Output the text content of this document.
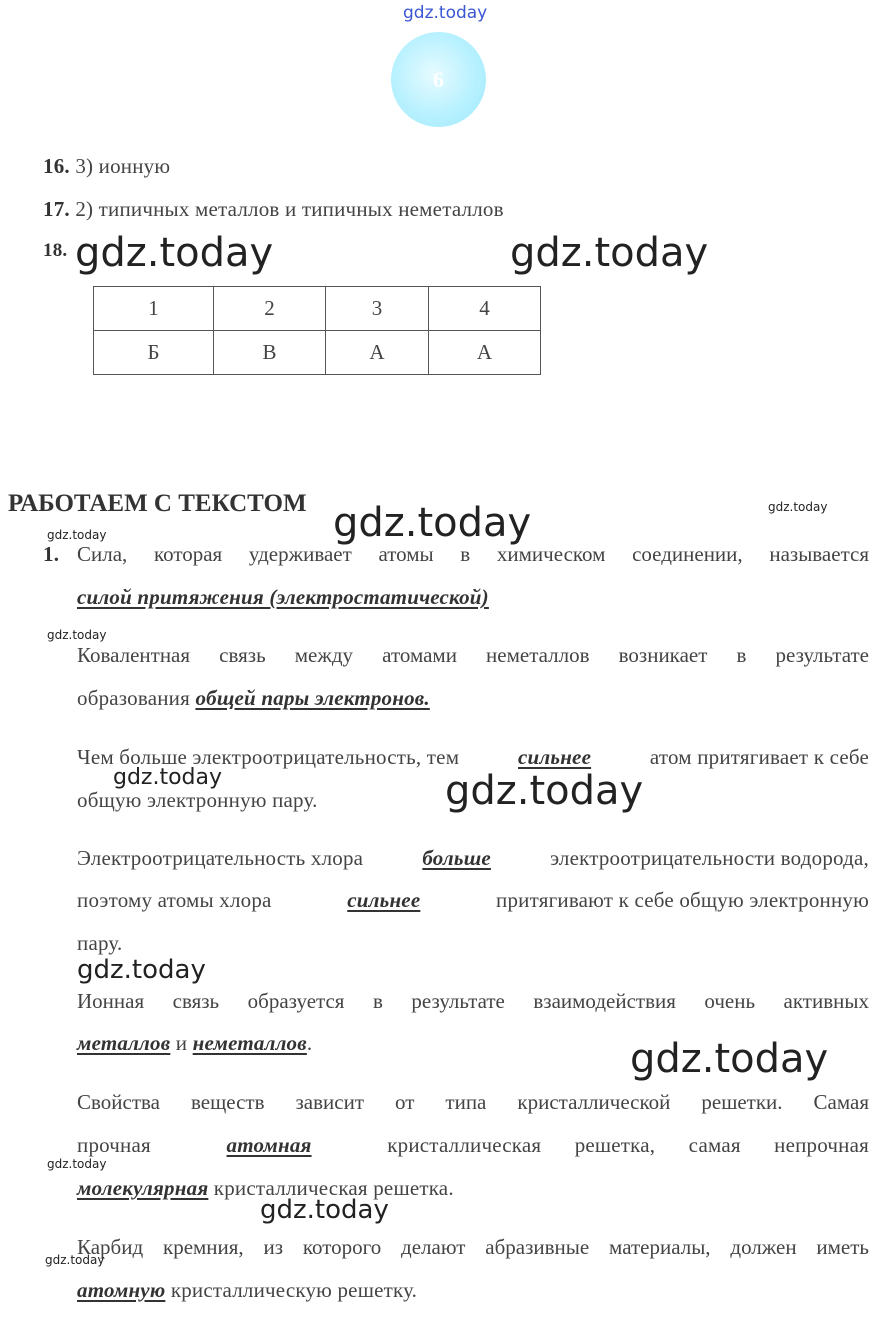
gdz.today
6
16. 3) ионную
17. 2) типичных металлов и типичных неметаллов
18. gdz.today	gdz.today
1	2	3	4
Б	В	А	А
РАБОТАЕМ С ТЕКСТОМ gdz.today	gdz.today
gdz.today
1. Сила, которая удерживает атомы в химическом соединении, называется
силой притяжения (электростатической)
gdz.today
Ковалентная связь между атомами неметаллов возникает в результате
образования общей пары электронов.
Чем больше электроотрицательность, тем	сильнее	атом притягивает к себе
общую электронную пару.
gdz.today	gdz.today
Электроотрицательность хлора	больше	электроотрицательности водорода,
поэтому атомы хлора	сильнее	притягивают к себе общую электронную
пару.
gdz.today
Ионная связь образуется в результате взаимодействия очень активных
металлов и неметаллов.	gdz.today
Свойства веществ зависит от типа кристаллической решетки. Самая
прочная	атомная	кристаллическая решетка, самая непрочная
gdz.today
молекулярная кристаллическая решетка.
gdz.today
Карбид кремния, из которого делают абразивные материалы, должен иметь
gdz.today
атомную кристаллическую решетку.
